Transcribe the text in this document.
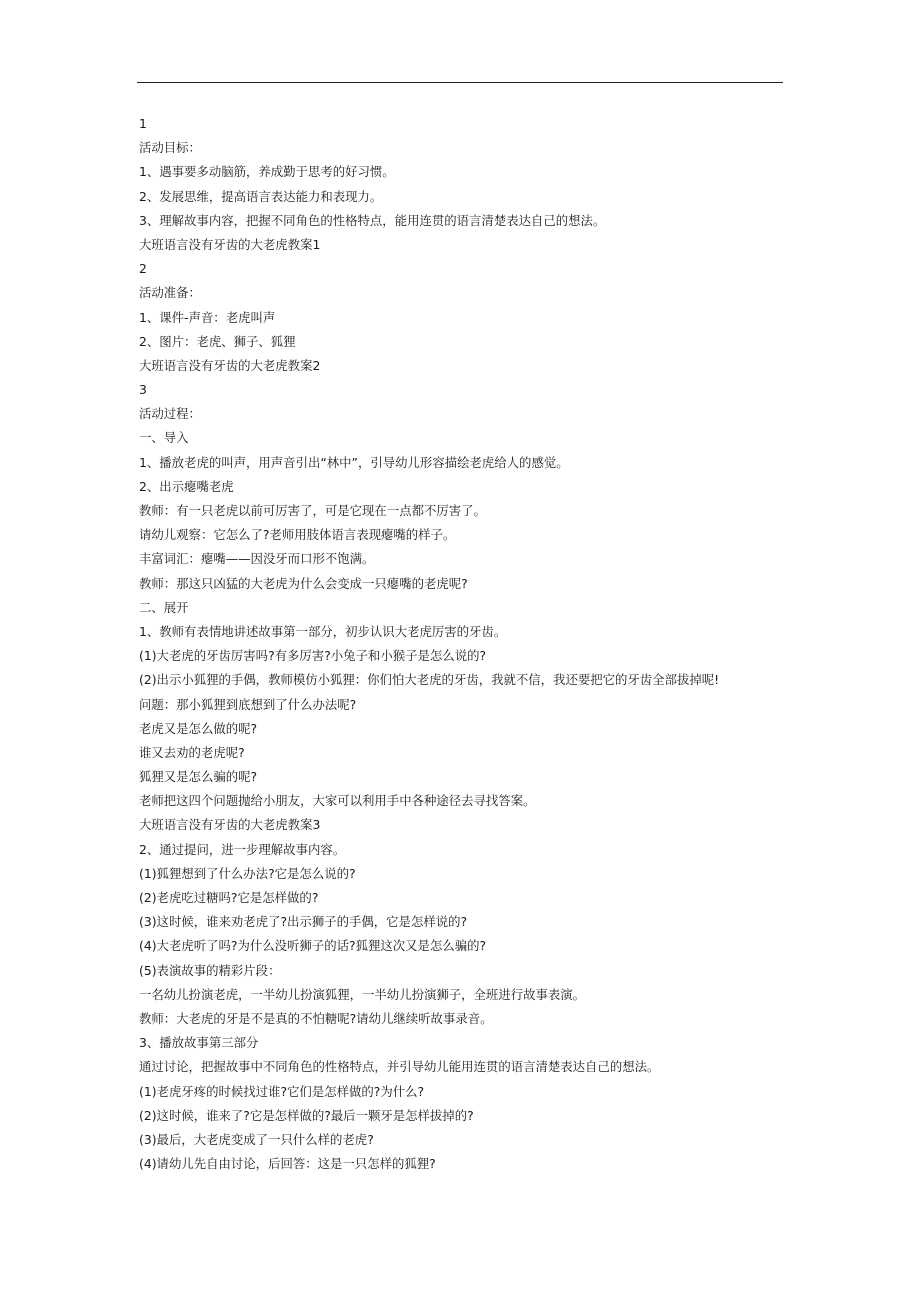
1
活动目标：
1、遇事要多动脑筋，养成勤于思考的好习惯。
2、发展思维，提高语言表达能力和表现力。
3、理解故事内容，把握不同角色的性格特点，能用连贯的语言清楚表达自己的想法。
大班语言没有牙齿的大老虎教案1
2
活动准备：
1、课件-声音：老虎叫声
2、图片：老虎、狮子、狐狸
大班语言没有牙齿的大老虎教案2
3
活动过程：
一、导入
1、播放老虎的叫声，用声音引出“林中”，引导幼儿形容描绘老虎给人的感觉。
2、出示瘪嘴老虎
教师：有一只老虎以前可厉害了，可是它现在一点都不厉害了。
请幼儿观察：它怎么了?老师用肢体语言表现瘪嘴的样子。
丰富词汇：瘪嘴——因没牙而口形不饱满。
教师：那这只凶猛的大老虎为什么会变成一只瘪嘴的老虎呢?
二、展开
1、教师有表情地讲述故事第一部分，初步认识大老虎厉害的牙齿。
(1)大老虎的牙齿厉害吗?有多厉害?小兔子和小猴子是怎么说的?
(2)出示小狐狸的手偶，教师模仿小狐狸：你们怕大老虎的牙齿，我就不信，我还要把它的牙齿全部拔掉呢!
问题：那小狐狸到底想到了什么办法呢?
老虎又是怎么做的呢?
谁又去劝的老虎呢?
狐狸又是怎么骗的呢?
老师把这四个问题抛给小朋友，大家可以利用手中各种途径去寻找答案。
大班语言没有牙齿的大老虎教案3
2、通过提问，进一步理解故事内容。
(1)狐狸想到了什么办法?它是怎么说的?
(2)老虎吃过糖吗?它是怎样做的?
(3)这时候，谁来劝老虎了?出示狮子的手偶，它是怎样说的?
(4)大老虎听了吗?为什么没听狮子的话?狐狸这次又是怎么骗的?
(5)表演故事的精彩片段：
一名幼儿扮演老虎，一半幼儿扮演狐狸，一半幼儿扮演狮子，全班进行故事表演。
教师：大老虎的牙是不是真的不怕糖呢?请幼儿继续听故事录音。
3、播放故事第三部分
通过讨论，把握故事中不同角色的性格特点，并引导幼儿能用连贯的语言清楚表达自己的想法。
(1)老虎牙疼的时候找过谁?它们是怎样做的?为什么?
(2)这时候，谁来了?它是怎样做的?最后一颗牙是怎样拔掉的?
(3)最后，大老虎变成了一只什么样的老虎?
(4)请幼儿先自由讨论，后回答：这是一只怎样的狐狸?
